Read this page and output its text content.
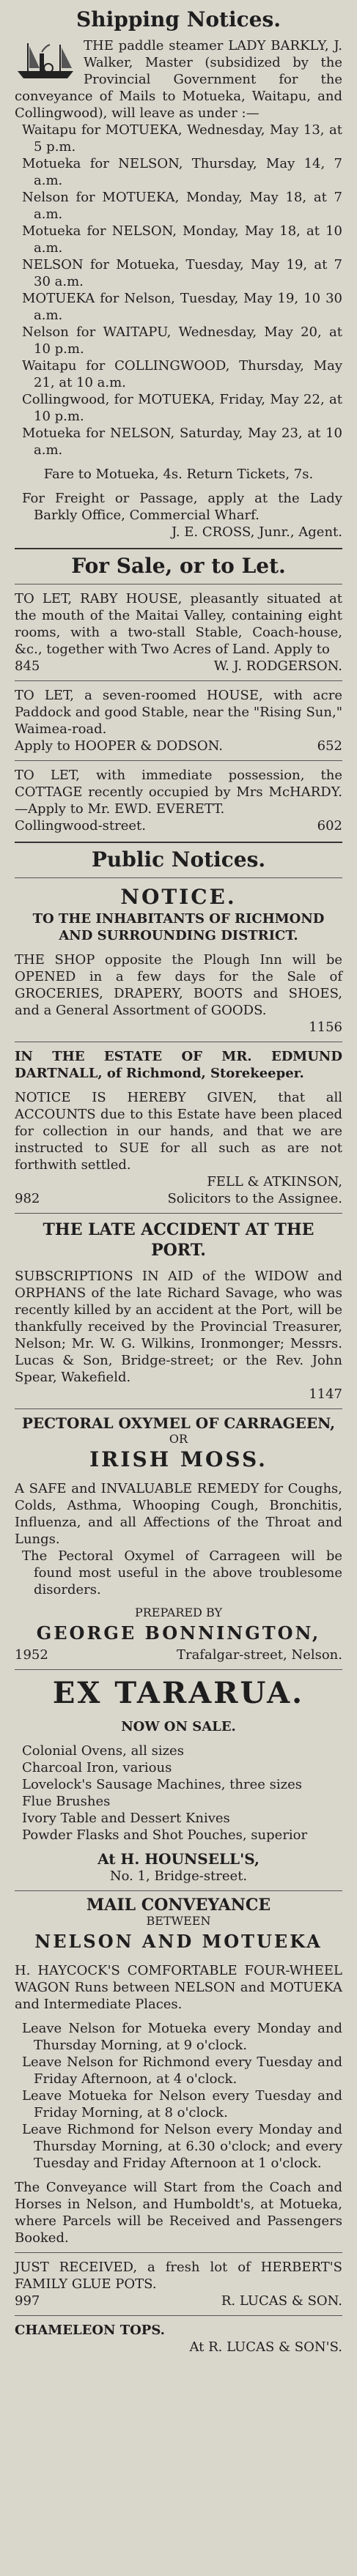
Shipping Notices.

THE paddle steamer LADY BARKLY, J. Walker, Master (subsidized by the Provincial Government for the conveyance of Mails to Motueka, Waitapu, and Collingwood), will leave as under :—

Waitapu for MOTUEKA, Wednesday, May 13, at 5 p.m.

Motueka for NELSON, Thursday, May 14, 7 a.m.

Nelson for MOTUEKA, Monday, May 18, at 7 a.m.

Motueka for NELSON, Monday, May 18, at 10 a.m.

NELSON for Motueka, Tuesday, May 19, at 7 30 a.m.

MOTUEKA for Nelson, Tuesday, May 19, 10 30 a.m.

Nelson for WAITAPU, Wednesday, May 20, at 10 p.m.

Waitapu for COLLINGWOOD, Thursday, May 21, at 10 a.m.

Collingwood, for MOTUEKA, Friday, May 22, at 10 p.m.

Motueka for NELSON, Saturday, May 23, at 10 a.m.

Fare to Motueka, 4s. Return Tickets, 7s.

For Freight or Passage, apply at the Lady Barkly Office, Commercial Wharf.

J. E. CROSS, Junr., Agent.

For Sale, or to Let.

TO LET, RABY HOUSE, pleasantly situated at the mouth of the Maitai Valley, containing eight rooms, with a two-stall Stable, Coach-house, &c., together with Two Acres of Land. Apply to

845	W. J. RODGERSON.

TO LET, a seven-roomed HOUSE, with acre Paddock and good Stable, near the "Rising Sun," Waimea-road.

Apply to HOOPER & DODSON.	652

TO LET, with immediate possession, the COTTAGE recently occupied by Mrs McHARDY.—Apply to Mr. EWD. EVERETT.

Collingwood-street.	602
Public Notices.
NOTICE.

TO THE INHABITANTS OF RICHMOND AND SURROUNDING DISTRICT.

THE SHOP opposite the Plough Inn will be OPENED in a few days for the Sale of GROCERIES, DRAPERY, BOOTS and SHOES, and a General Assortment of GOODS.

1156

IN THE ESTATE OF MR. EDMUND DARTNALL, of Richmond, Storekeeper.

NOTICE IS HEREBY GIVEN, that all ACCOUNTS due to this Estate have been placed for collection in our hands, and that we are instructed to SUE for all such as are not forthwith settled.

FELL & ATKINSON,

982	Solicitors to the Assignee.

THE LATE ACCIDENT AT THE PORT.

SUBSCRIPTIONS IN AID of the WIDOW and ORPHANS of the late Richard Savage, who was recently killed by an accident at the Port, will be thankfully received by the Provincial Treasurer, Nelson; Mr. W. G. Wilkins, Ironmonger; Messrs. Lucas & Son, Bridge-street; or the Rev. John Spear, Wakefield.

1147

PECTORAL OXYMEL OF CARRAGEEN,

OR

IRISH MOSS.

A SAFE and INVALUABLE REMEDY for Coughs, Colds, Asthma, Whooping Cough, Bronchitis, Influenza, and all Affections of the Throat and Lungs.

The Pectoral Oxymel of Carrageen will be found most useful in the above troublesome disorders.

PREPARED BY

GEORGE BONNINGTON,
1952	Trafalgar-street, Nelson.
EX TARARUA.

NOW ON SALE.

Colonial Ovens, all sizes

Charcoal Iron, various

Lovelock's Sausage Machines, three sizes

Flue Brushes

Ivory Table and Dessert Knives

Powder Flasks and Shot Pouches, superior

At H. HOUNSELL'S,

No. 1, Bridge-street.

MAIL CONVEYANCE

BETWEEN

NELSON AND MOTUEKA

H. HAYCOCK'S COMFORTABLE FOUR-WHEEL WAGON Runs between NELSON and MOTUEKA and Intermediate Places.

Leave Nelson for Motueka every Monday and Thursday Morning, at 9 o'clock.

Leave Nelson for Richmond every Tuesday and Friday Afternoon, at 4 o'clock.

Leave Motueka for Nelson every Tuesday and Friday Morning, at 8 o'clock.

Leave Richmond for Nelson every Monday and Thursday Morning, at 6.30 o'clock; and every Tuesday and Friday Afternoon at 1 o'clock.

The Conveyance will Start from the Coach and Horses in Nelson, and Humboldt's, at Motueka, where Parcels will be Received and Passengers Booked.

JUST RECEIVED, a fresh lot of HERBERT'S FAMILY GLUE POTS.

997	R. LUCAS & SON.

CHAMELEON TOPS.

At R. LUCAS & SON'S.
